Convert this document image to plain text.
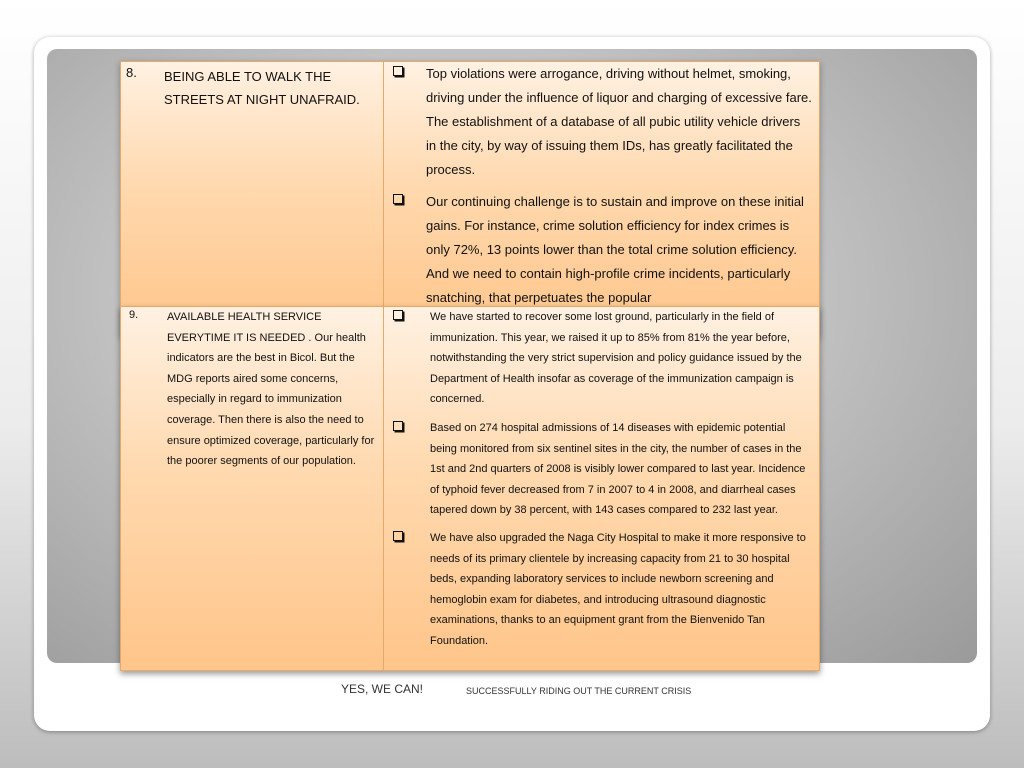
8. BEING ABLE TO WALK THE STREETS AT NIGHT UNAFRAID.
Top violations were arrogance, driving without helmet, smoking, driving under the influence of liquor and charging of excessive fare. The establishment of a database of all pubic utility vehicle drivers in the city, by way of issuing them IDs, has greatly facilitated the process.
Our continuing challenge is to sustain and improve on these initial gains. For instance, crime solution efficiency for index crimes is only 72%, 13 points lower than the total crime solution efficiency. And we need to contain high-profile crime incidents, particularly snatching, that perpetuates the popular
9.	AVAILABLE HEALTH SERVICE EVERYTIME IT IS NEEDED . Our health indicators are the best in Bicol. But the MDG reports aired some concerns, especially in regard to immunization coverage. Then there is also the need to ensure optimized coverage, particularly for the poorer segments of our population.
We have started to recover some lost ground, particularly in the field of immunization. This year, we raised it up to 85% from 81% the year before, notwithstanding the very strict supervision and policy guidance issued by the Department of Health insofar as coverage of the immunization campaign is concerned.
Based on 274 hospital admissions of 14 diseases with epidemic potential being monitored from six sentinel sites in the city, the number of cases in the 1st and 2nd quarters of 2008 is visibly lower compared to last year. Incidence of typhoid fever decreased from 7 in 2007 to 4 in 2008, and diarrheal cases tapered down by 38 percent, with 143 cases compared to 232 last year.
We have also upgraded the Naga City Hospital to make it more responsive to needs of its primary clientele by increasing capacity from 21 to 30 hospital beds, expanding laboratory services to include newborn screening and hemoglobin exam for diabetes, and introducing ultrasound diagnostic examinations, thanks to an equipment grant from the Bienvenido Tan Foundation.
YES, WE CAN!	SUCCESSFULLY RIDING OUT THE CURRENT CRISIS
